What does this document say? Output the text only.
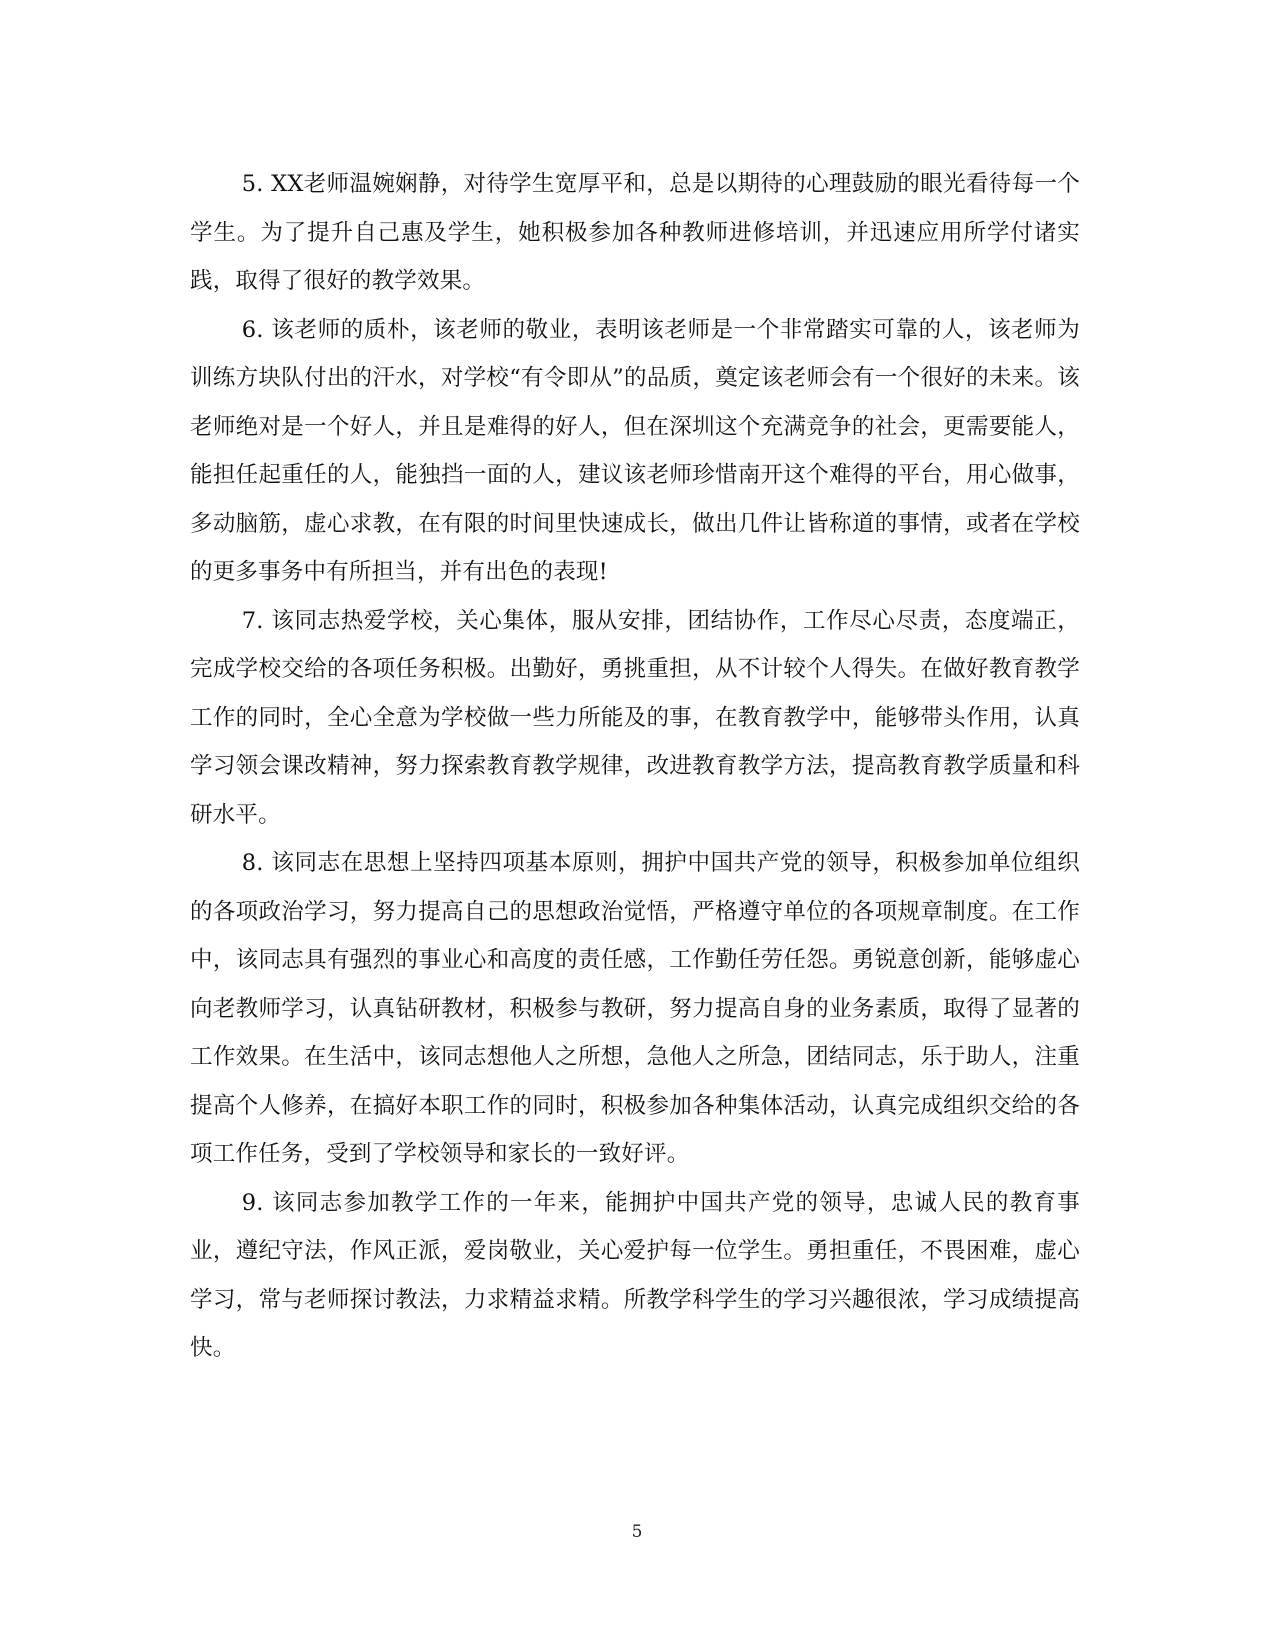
5. XX老师温婉娴静，对待学生宽厚平和，总是以期待的心理鼓励的眼光看待每一个学生。为了提升自己惠及学生，她积极参加各种教师进修培训，并迅速应用所学付诸实践，取得了很好的教学效果。

6. 该老师的质朴，该老师的敬业，表明该老师是一个非常踏实可靠的人，该老师为训练方块队付出的汗水，对学校“有令即从”的品质，奠定该老师会有一个很好的未来。该老师绝对是一个好人，并且是难得的好人，但在深圳这个充满竞争的社会，更需要能人，能担任起重任的人，能独挡一面的人，建议该老师珍惜南开这个难得的平台，用心做事，多动脑筋，虚心求教，在有限的时间里快速成长，做出几件让皆称道的事情，或者在学校的更多事务中有所担当，并有出色的表现!

7. 该同志热爱学校，关心集体，服从安排，团结协作，工作尽心尽责，态度端正，完成学校交给的各项任务积极。出勤好，勇挑重担，从不计较个人得失。在做好教育教学工作的同时，全心全意为学校做一些力所能及的事，在教育教学中，能够带头作用，认真学习领会课改精神，努力探索教育教学规律，改进教育教学方法，提高教育教学质量和科研水平。

8. 该同志在思想上坚持四项基本原则，拥护中国共产党的领导，积极参加单位组织的各项政治学习，努力提高自己的思想政治觉悟，严格遵守单位的各项规章制度。在工作中，该同志具有强烈的事业心和高度的责任感，工作勤任劳任怨。勇锐意创新，能够虚心向老教师学习，认真钻研教材，积极参与教研，努力提高自身的业务素质，取得了显著的工作效果。在生活中，该同志想他人之所想，急他人之所急，团结同志，乐于助人，注重提高个人修养，在搞好本职工作的同时，积极参加各种集体活动，认真完成组织交给的各项工作任务，受到了学校领导和家长的一致好评。

9. 该同志参加教学工作的一年来，能拥护中国共产党的领导，忠诚人民的教育事业，遵纪守法，作风正派，爱岗敬业，关心爱护每一位学生。勇担重任，不畏困难，虚心学习，常与老师探讨教法，力求精益求精。所教学科学生的学习兴趣很浓，学习成绩提高快。

5
